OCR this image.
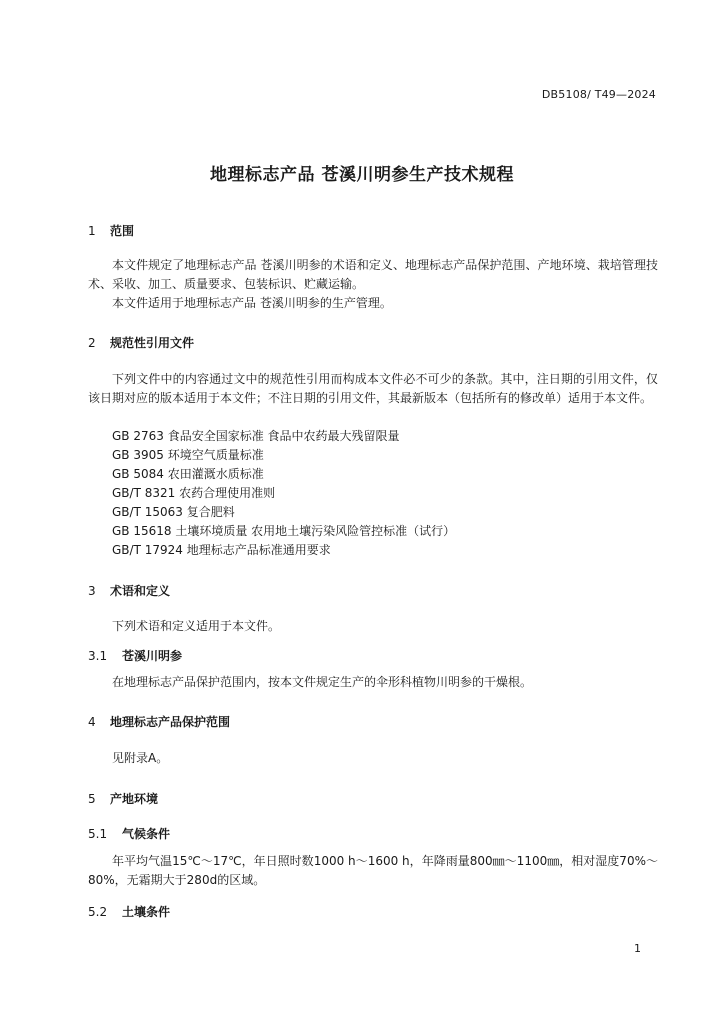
DB5108/ T49—2024
地理标志产品 苍溪川明参生产技术规程
1 范围
本文件规定了地理标志产品 苍溪川明参的术语和定义、地理标志产品保护范围、产地环境、栽培管理技术、采收、加工、质量要求、包装标识、贮藏运输。
本文件适用于地理标志产品 苍溪川明参的生产管理。
2 规范性引用文件
下列文件中的内容通过文中的规范性引用而构成本文件必不可少的条款。其中，注日期的引用文件，仅该日期对应的版本适用于本文件；不注日期的引用文件，其最新版本（包括所有的修改单）适用于本文件。
GB 2763 食品安全国家标准 食品中农药最大残留限量
GB 3905 环境空气质量标准
GB 5084 农田灌溉水质标准
GB/T 8321 农药合理使用准则
GB/T 15063 复合肥料
GB 15618 土壤环境质量 农用地土壤污染风险管控标准（试行）
GB/T 17924 地理标志产品标准通用要求
3 术语和定义
下列术语和定义适用于本文件。
3.1 苍溪川明参
在地理标志产品保护范围内，按本文件规定生产的伞形科植物川明参的干燥根。
4 地理标志产品保护范围
见附录A。
5 产地环境
5.1 气候条件
年平均气温15℃～17℃，年日照时数1000 h～1600 h，年降雨量800㎜～1100㎜，相对湿度70%～80%，无霜期大于280d的区域。
5.2 土壤条件
1
